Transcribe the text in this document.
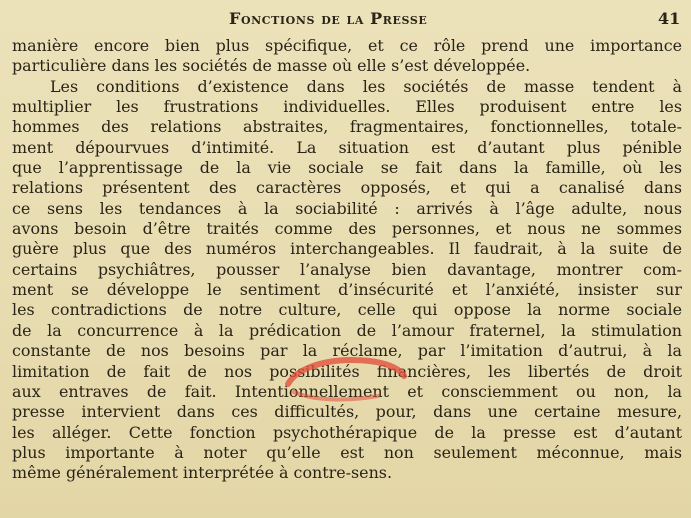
Fonctions de la Presse	41
manière encore bien plus spécifique, et ce rôle prend une importance
particulière dans les sociétés de masse où elle s’est développée.
Les conditions d’existence dans les sociétés de masse tendent à
multiplier les frustrations individuelles. Elles produisent entre les
hommes des relations abstraites, fragmentaires, fonctionnelles, totale-
ment dépourvues d’intimité. La situation est d’autant plus pénible
que l’apprentissage de la vie sociale se fait dans la famille, où les
relations présentent des caractères opposés, et qui a canalisé dans
ce sens les tendances à la sociabilité : arrivés à l’âge adulte, nous
avons besoin d’être traités comme des personnes, et nous ne sommes
guère plus que des numéros interchangeables. Il faudrait, à la suite de
certains psychiâtres, pousser l’analyse bien davantage, montrer com-
ment se développe le sentiment d’insécurité et l’anxiété, insister sur
les contradictions de notre culture, celle qui oppose la norme sociale
de la concurrence à la prédication de l’amour fraternel, la stimulation
constante de nos besoins par la réclame, par l’imitation d’autrui, à la
limitation de fait de nos possibilités financières, les libertés de droit
aux entraves de fait. Intentionnellement et consciemment ou non, la
presse intervient dans ces difficultés, pour, dans une certaine mesure,
les alléger. Cette fonction psychothérapique de la presse est d’autant
plus importante à noter qu’elle est non seulement méconnue, mais
même généralement interprétée à contre-sens.
